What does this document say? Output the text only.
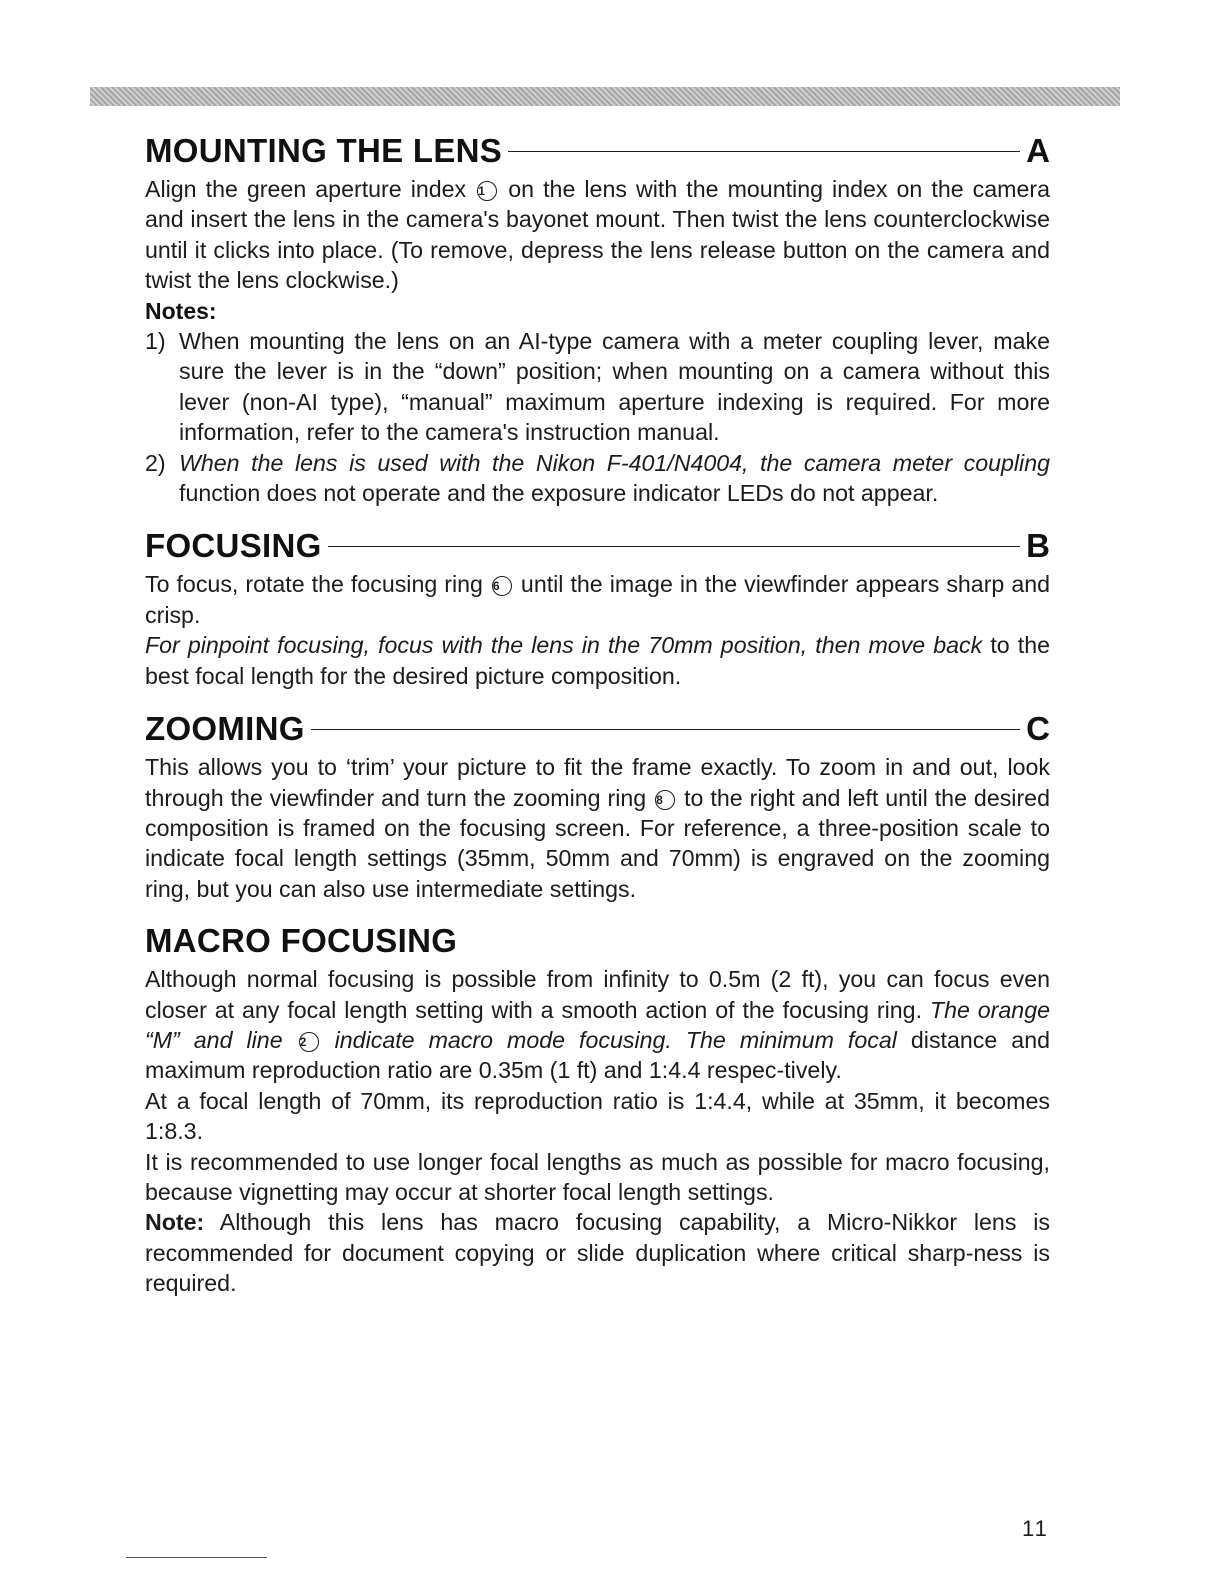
MOUNTING THE LENS	A

Align the green aperture index 1 on the lens with the mounting index on the camera and insert the lens in the camera's bayonet mount. Then twist the lens counterclockwise until it clicks into place. (To remove, depress the lens release button on the camera and twist the lens clockwise.)

Notes:
1) When mounting the lens on an AI-type camera with a meter coupling lever, make sure the lever is in the “down” position; when mounting on a camera without this lever (non-AI type), “manual” maximum aperture indexing is required. For more information, refer to the camera's instruction manual.
2) When the lens is used with the Nikon F-401/N4004, the camera meter coupling function does not operate and the exposure indicator LEDs do not appear.
FOCUSING	B

To focus, rotate the focusing ring 6 until the image in the viewfinder appears sharp and crisp.

For pinpoint focusing, focus with the lens in the 70mm position, then move back to the best focal length for the desired picture composition.

ZOOMING	C

This allows you to ‘trim’ your picture to fit the frame exactly. To zoom in and out, look through the viewfinder and turn the zooming ring 8 to the right and left until the desired composition is framed on the focusing screen. For reference, a three-position scale to indicate focal length settings (35mm, 50mm and 70mm) is engraved on the zooming ring, but you can also use intermediate settings.

MACRO FOCUSING

Although normal focusing is possible from infinity to 0.5m (2 ft), you can focus even closer at any focal length setting with a smooth action of the focusing ring. The orange “M” and line 2 indicate macro mode focusing. The minimum focal distance and maximum reproduction ratio are 0.35m (1 ft) and 1:4.4 respec-tively.

At a focal length of 70mm, its reproduction ratio is 1:4.4, while at 35mm, it becomes 1:8.3.

It is recommended to use longer focal lengths as much as possible for macro focusing, because vignetting may occur at shorter focal length settings.

Note: Although this lens has macro focusing capability, a Micro-Nikkor lens is recommended for document copying or slide duplication where critical sharp-ness is required.

11
